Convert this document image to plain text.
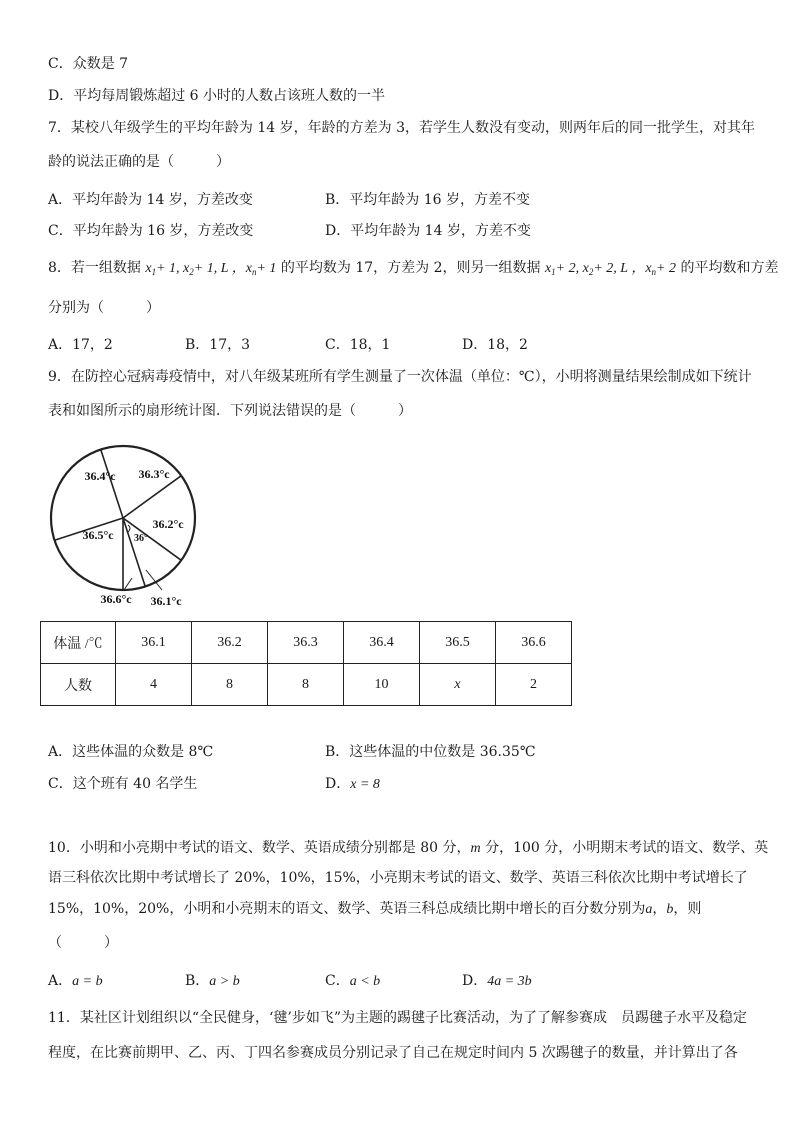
C．众数是 7
D．平均每周锻炼超过 6 小时的人数占该班人数的一半
7．某校八年级学生的平均年龄为 14 岁，年龄的方差为 3，若学生人数没有变动，则两年后的同一批学生，对其年
龄的说法正确的是（　　　）
A．平均年龄为 14 岁，方差改变	B．平均年龄为 16 岁，方差不变
C．平均年龄为 16 岁，方差改变	D．平均年龄为 14 岁，方差不变
8．若一组数据 $x_1+ 1$, $x_2+ 1$, L ，$x_n+ 1$ 的平均数为 17，方差为 2，则另一组数据 $x_1+ 2$, $x_2+ 2$, L ，$x_n+ 2$ 的平均数和方差
分别为（　　　）
A．17，2	B．17，3	C．18，1	D．18，2
9．在防控心冠病毒疫情中，对八年级某班所有学生测量了一次体温（单位：℃），小明将测量结果绘制成如下统计
表和如图所示的扇形统计图．下列说法错误的是（　　　）
36.1°c
36.2°c
36.3°c
36.4°c
36.5°c
36.6°c
36°
体温 /℃	36.1	36.2	36.3	36.4	36.5	36.6
人数	4	8	8	10	x	2
A．这些体温的众数是 8℃	B．这些体温的中位数是 36.35℃
C．这个班有 40 名学生	D．x = 8
10．小明和小亮期中考试的语文、数学、英语成绩分别都是 80 分，m 分，100 分，小明期末考试的语文、数学、英
语三科依次比期中考试增长了 20%，10%，15%，小亮期末考试的语文、数学、英语三科依次比期中考试增长了
15%，10%，20%，小明和小亮期末的语文、数学、英语三科总成绩比期中增长的百分数分别为a，b，则
（　　　）
A．a = b	B．a > b	C．a < b	D．4a = 3b
11．某社区计划组织以“全民健身，‘毽’步如飞”为主题的踢毽子比赛活动，为了了解参赛成　员踢毽子水平及稳定
程度，在比赛前期甲、乙、丙、丁四名参赛成员分别记录了自己在规定时间内 5 次踢毽子的数量，并计算出了各
